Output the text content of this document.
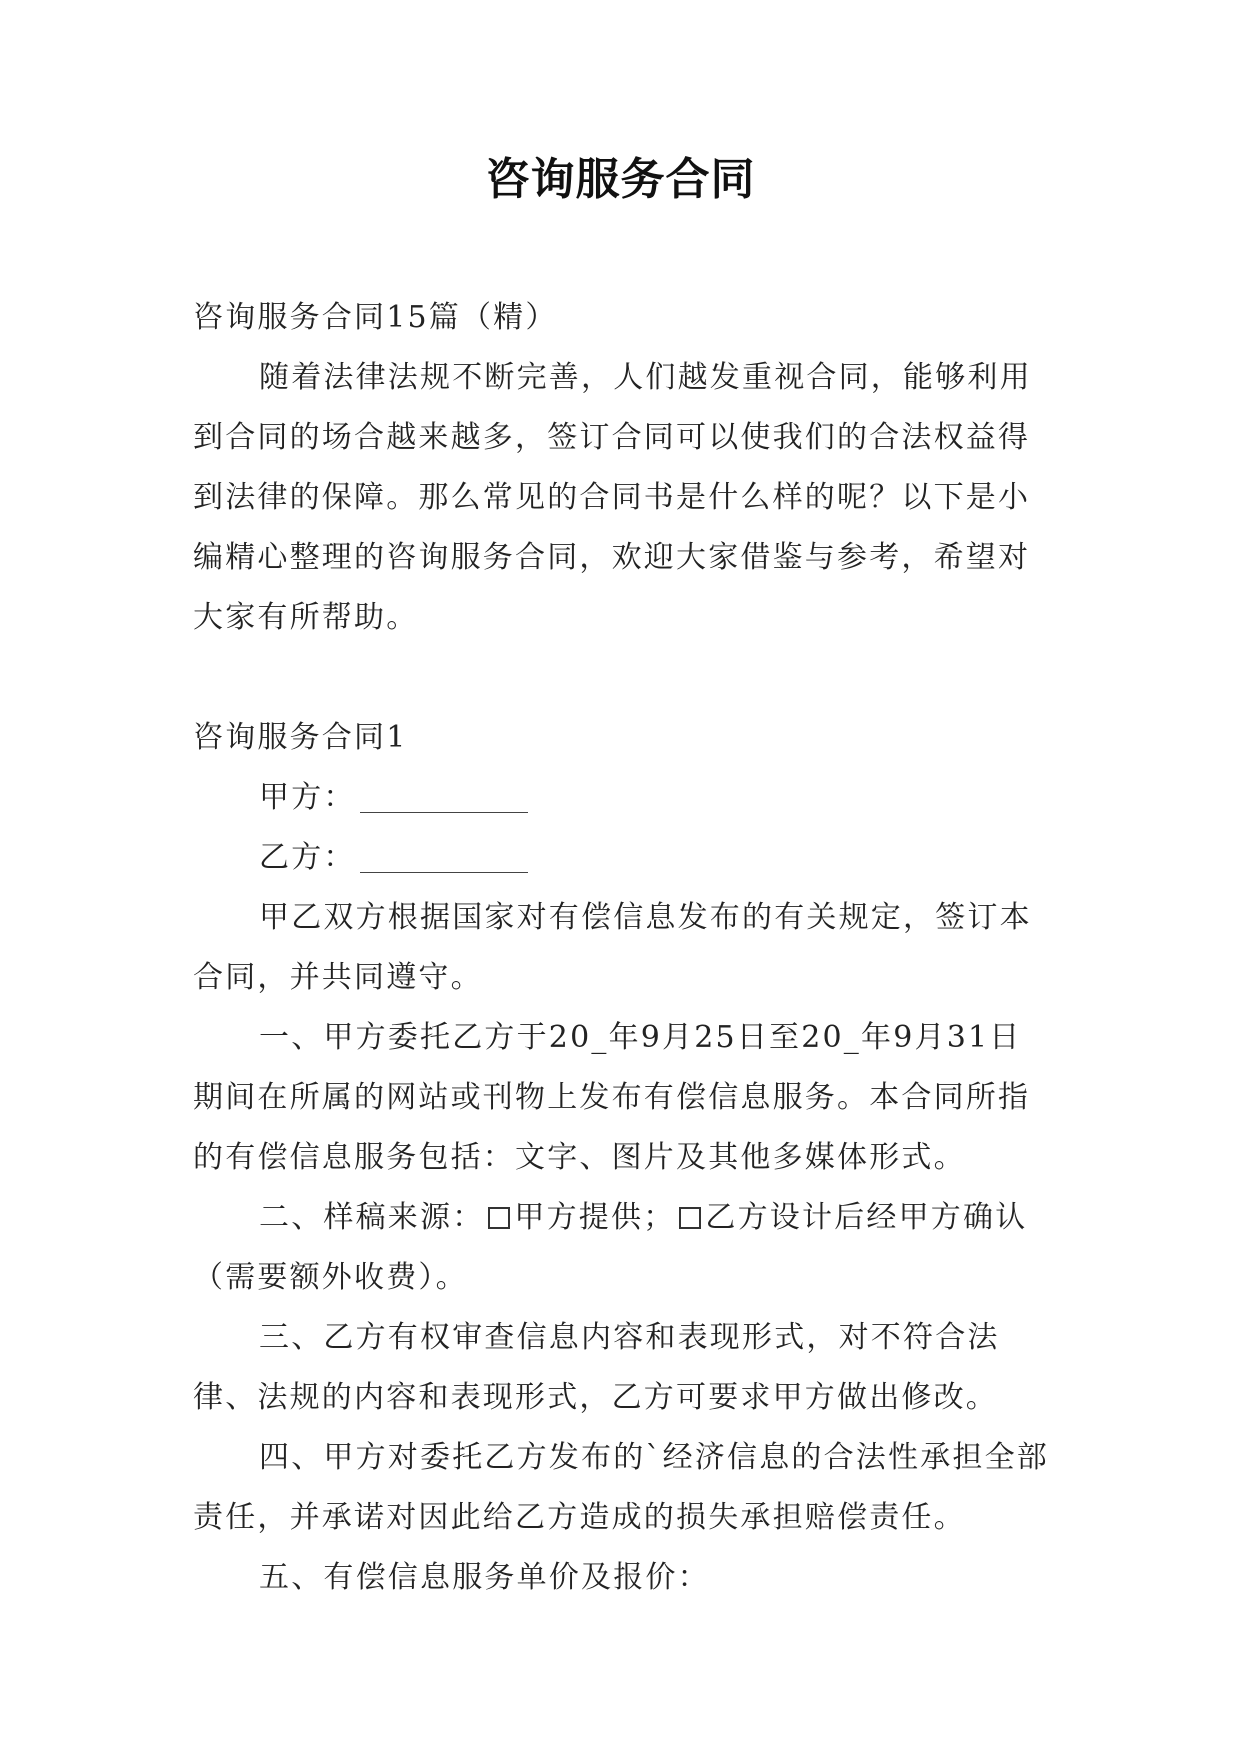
咨询服务合同

咨询服务合同15篇（精）

随着法律法规不断完善，人们越发重视合同，能够利用到合同的场合越来越多，签订合同可以使我们的合法权益得到法律的保障。那么常见的合同书是什么样的呢？以下是小编精心整理的咨询服务合同，欢迎大家借鉴与参考，希望对大家有所帮助。

咨询服务合同1

甲方：

乙方：

甲乙双方根据国家对有偿信息发布的有关规定，签订本合同，并共同遵守。

一、甲方委托乙方于20_年9月25日至20_年9月31日期间在所属的网站或刊物上发布有偿信息服务。本合同所指的有偿信息服务包括：文字、图片及其他多媒体形式。

二、样稿来源： 甲方提供； 乙方设计后经甲方确认（需要额外收费）。

三、乙方有权审查信息内容和表现形式，对不符合法律、法规的内容和表现形式，乙方可要求甲方做出修改。

四、甲方对委托乙方发布的`经济信息的合法性承担全部责任，并承诺对因此给乙方造成的损失承担赔偿责任。

五、有偿信息服务单价及报价：
